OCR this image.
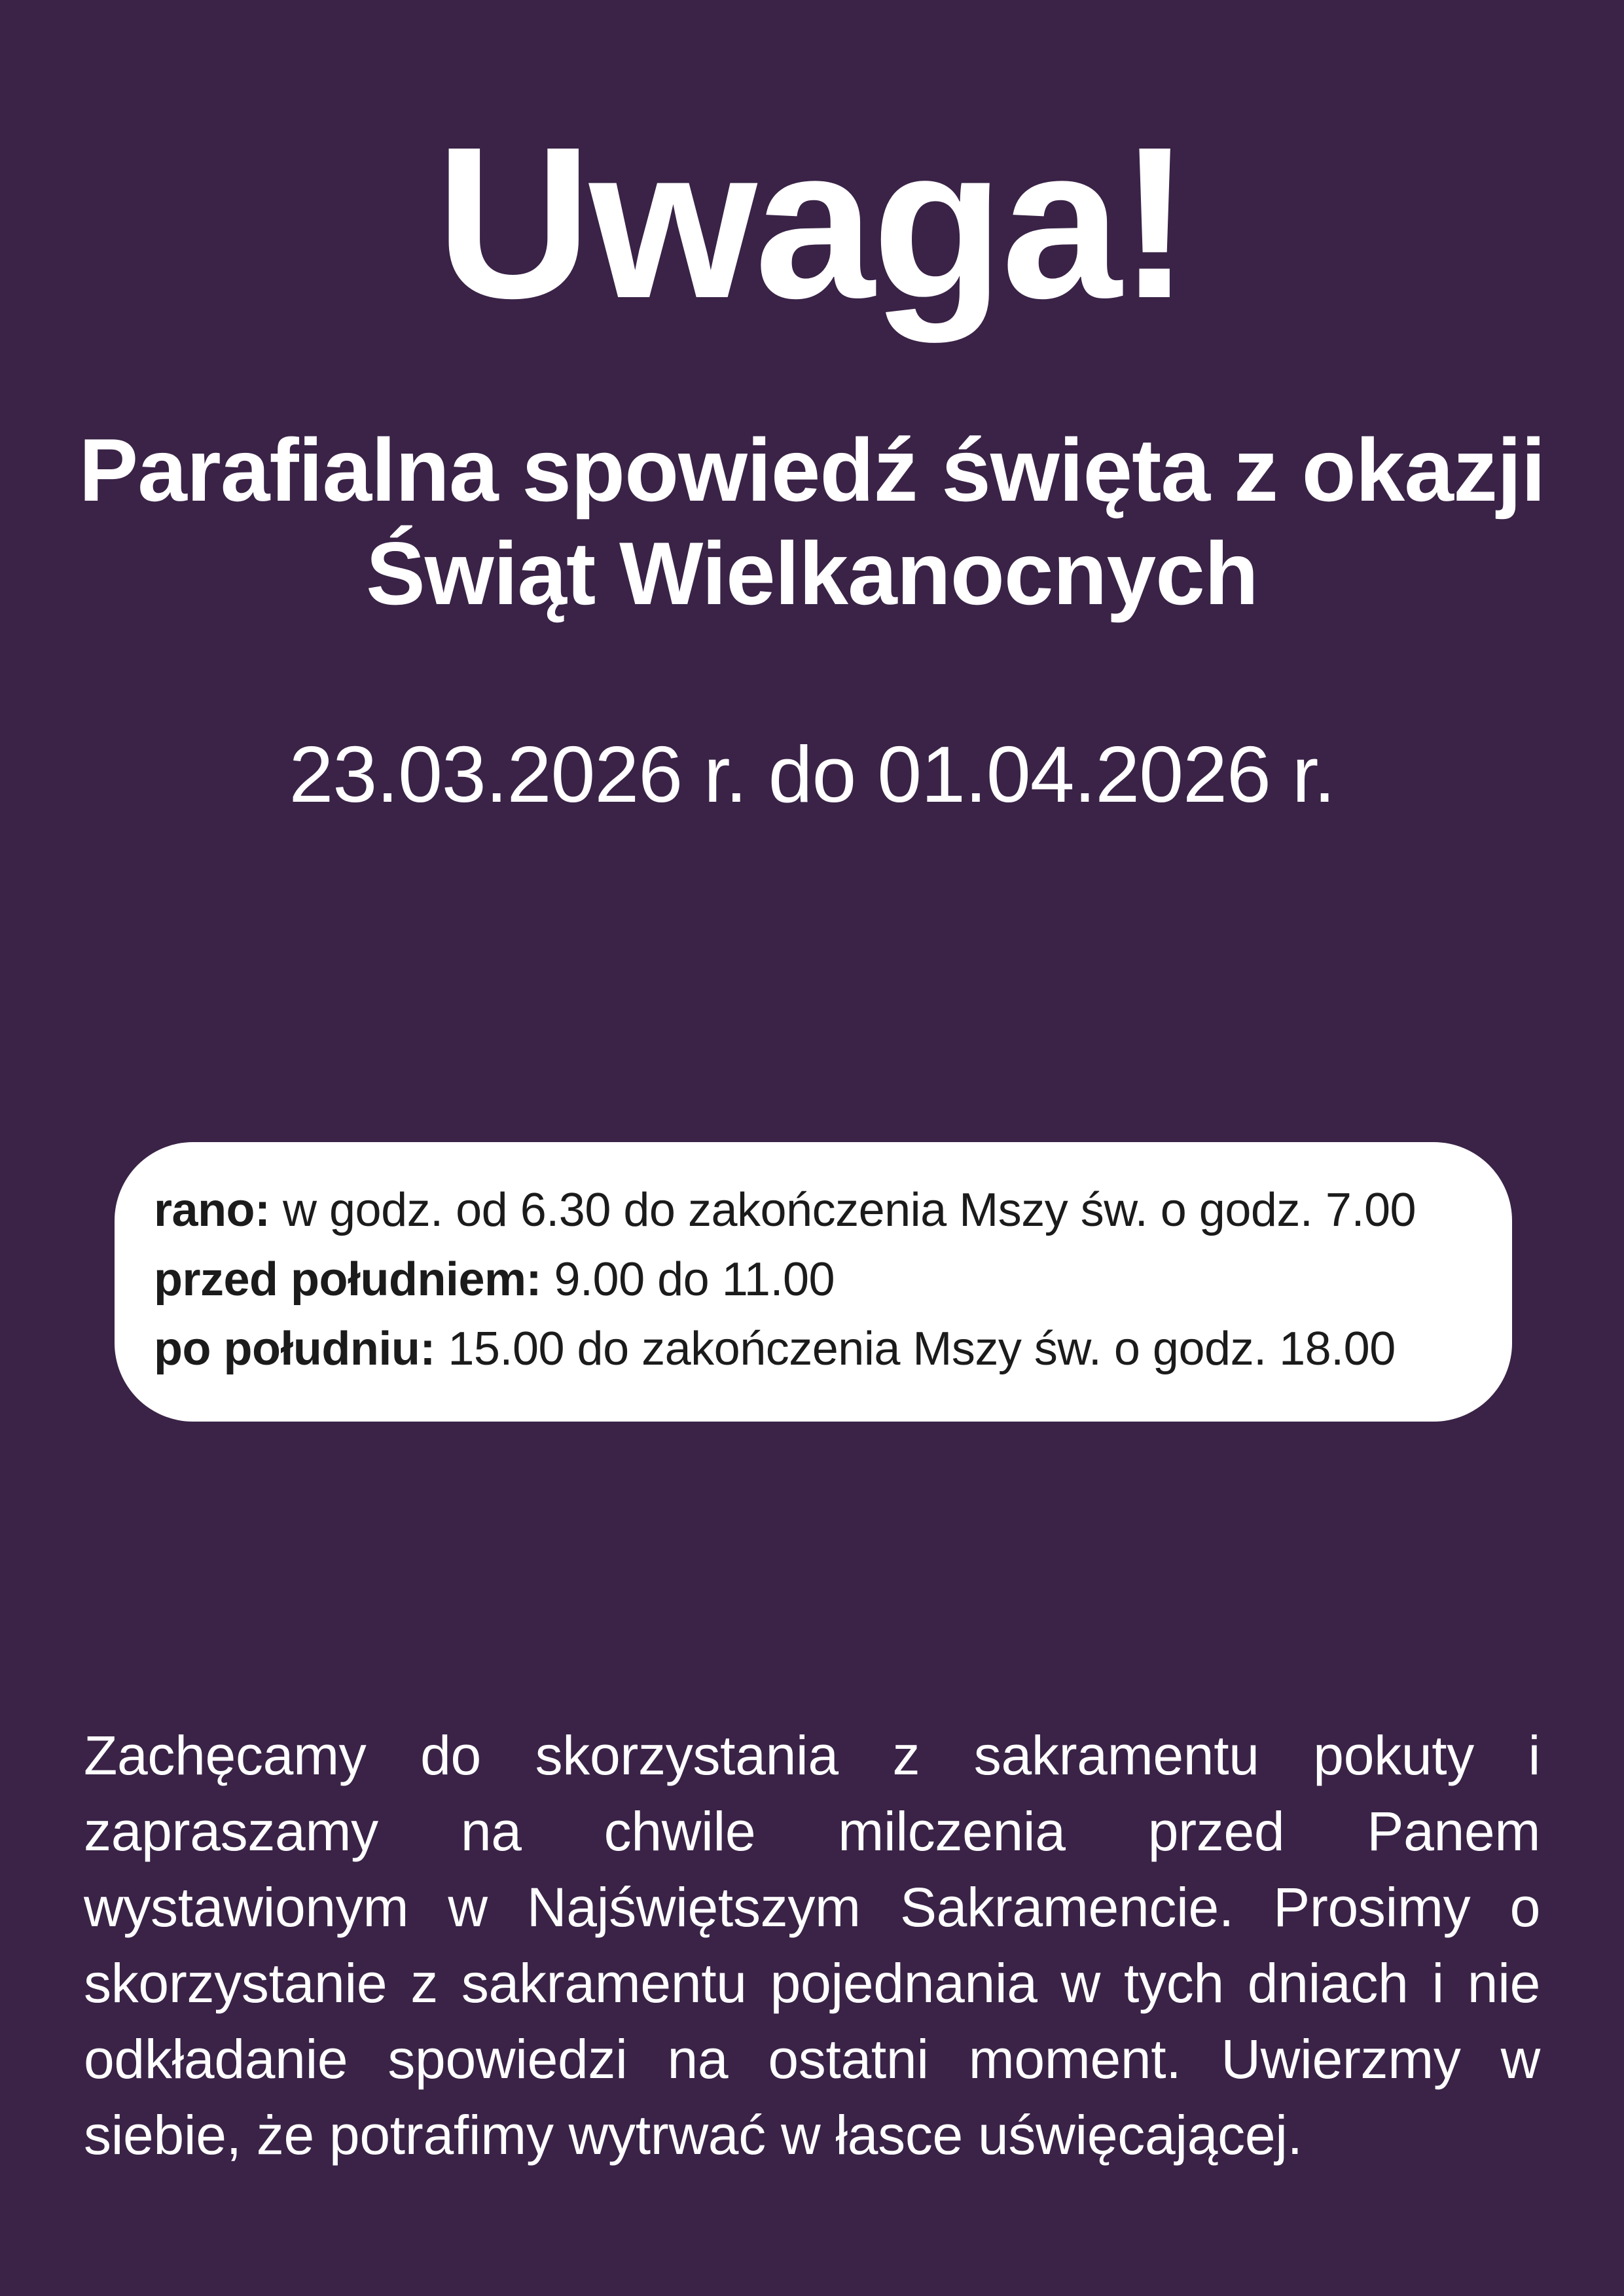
Uwaga!
Parafialna spowiedź święta z okazji
Świąt Wielkanocnych
23.03.2026 r. do 01.04.2026 r.
rano: w godz. od 6.30 do zakończenia Mszy św. o godz. 7.00
przed południem: 9.00 do 11.00
po południu: 15.00 do zakończenia Mszy św. o godz. 18.00

Zachęcamy do skorzystania z sakramentu pokuty i zapraszamy na chwile milczenia przed Panem wystawionym w Najświętszym Sakramencie. Prosimy o skorzystanie z sakramentu pojednania w tych dniach i nie odkładanie spowiedzi na ostatni moment. Uwierzmy w siebie, że potrafimy wytrwać w łasce uświęcającej.
